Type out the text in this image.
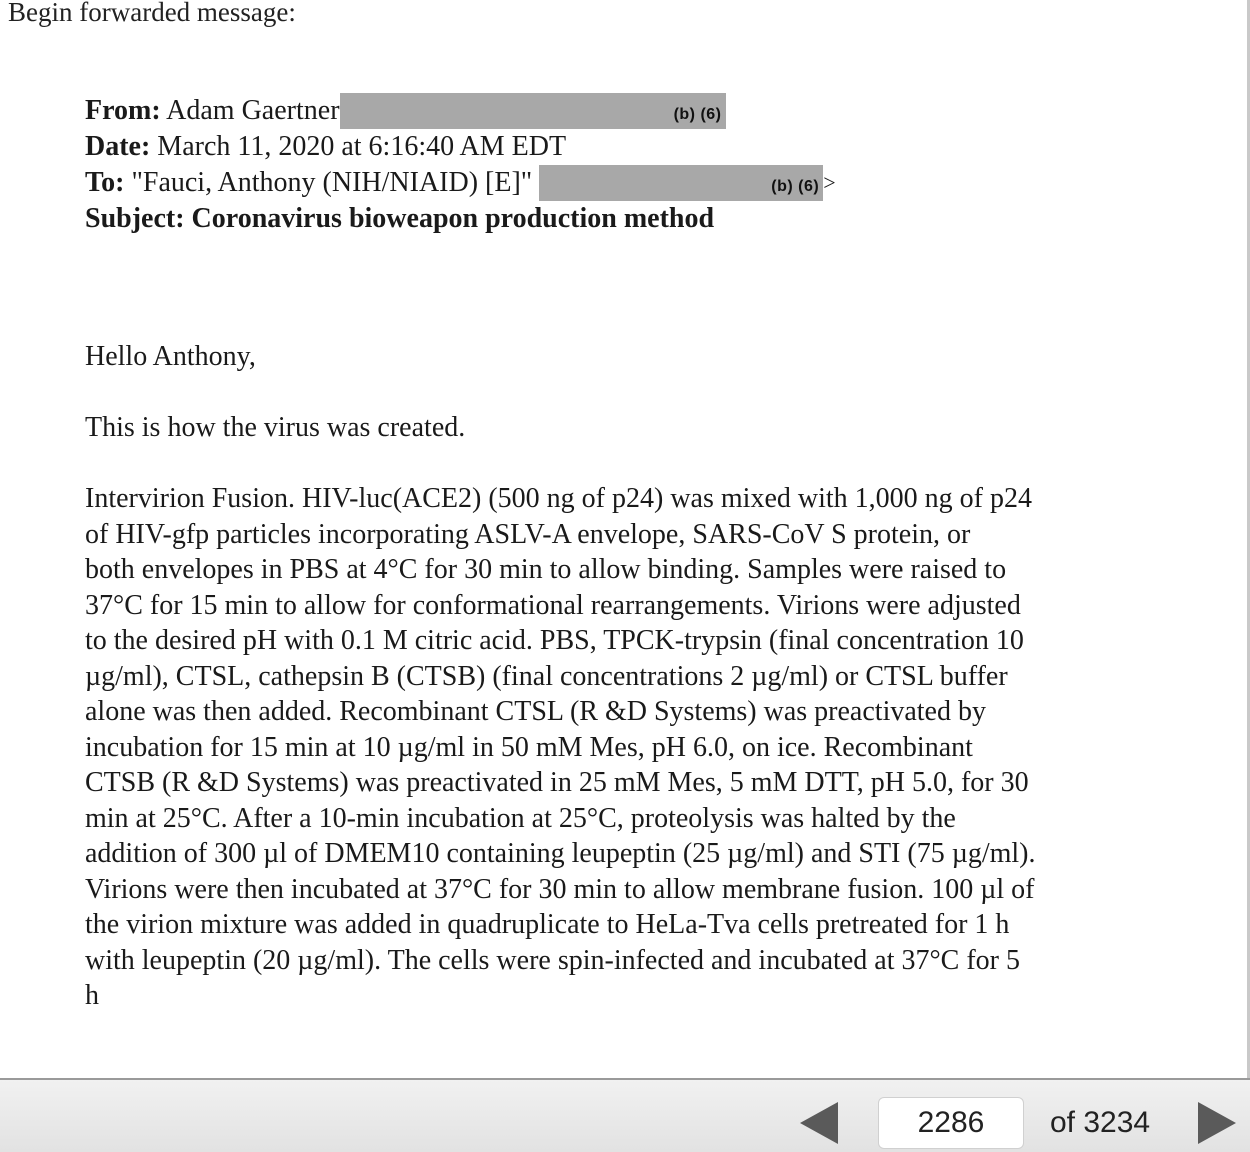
Begin forwarded message:
From: Adam Gaertner	(b) (6)
Date: March 11, 2020 at 6:16:40 AM EDT
To: "Fauci, Anthony (NIH/NIAID) [E]"	(b) (6) >
Subject: Coronavirus bioweapon production method
Hello Anthony,
This is how the virus was created.
Intervirion Fusion. HIV-luc(ACE2) (500 ng of p24) was mixed with 1,000 ng of p24
of HIV-gfp particles incorporating ASLV-A envelope, SARS-CoV S protein, or
both envelopes in PBS at 4°C for 30 min to allow binding. Samples were raised to
37°C for 15 min to allow for conformational rearrangements. Virions were adjusted
to the desired pH with 0.1 M citric acid. PBS, TPCK-trypsin (final concentration 10
µg/ml), CTSL, cathepsin B (CTSB) (final concentrations 2 µg/ml) or CTSL buffer
alone was then added. Recombinant CTSL (R &D Systems) was preactivated by
incubation for 15 min at 10 µg/ml in 50 mM Mes, pH 6.0, on ice. Recombinant
CTSB (R &D Systems) was preactivated in 25 mM Mes, 5 mM DTT, pH 5.0, for 30
min at 25°C. After a 10-min incubation at 25°C, proteolysis was halted by the
addition of 300 µl of DMEM10 containing leupeptin (25 µg/ml) and STI (75 µg/ml).
Virions were then incubated at 37°C for 30 min to allow membrane fusion. 100 µl of
the virion mixture was added in quadruplicate to HeLa-Tva cells pretreated for 1 h
with leupeptin (20 µg/ml). The cells were spin-infected and incubated at 37°C for 5
h
2286
of 3234
